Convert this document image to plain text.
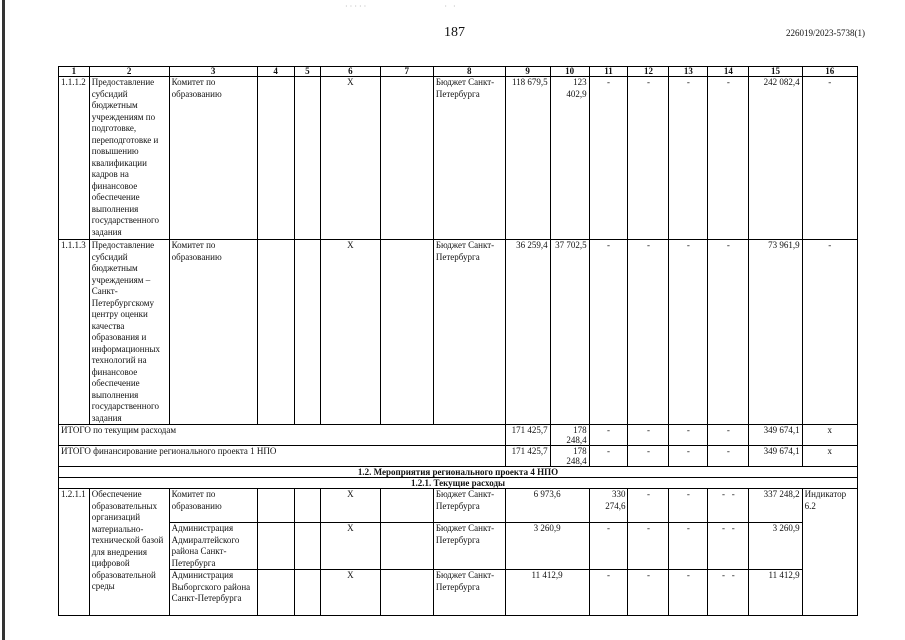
·····                   · ·
187	226019/2023-5738(1)
1	2	3	4	5	6	7	8	9	10	11	12	13	14	15	16
1.1.1.2	Предоставление субсидий бюджетным учреждениям по подготовке, переподготовке и повышению квалификации кадров на финансовое обеспечение выполнения государственного задания	Комитет по образованию			X		Бюджет Санкт-Петербурга	118 679,5	123 402,9	-	-	-	-	242 082,4	-
1.1.1.3	Предоставление субсидий бюджетным учреждениям – Санкт-Петербургскому центру оценки качества образования и информационных технологий на финансовое обеспечение выполнения государственного задания	Комитет по образованию			X		Бюджет Санкт-Петербурга	36 259,4	37 702,5	-	-	-	-	73 961,9	-
ИТОГО по текущим расходам								171 425,7	178 248,4	-	-	-	-	349 674,1	х
ИТОГО финансирование регионального проекта 1 НПО								171 425,7	178 248,4	-	-	-	-	349 674,1	х
1.2. Мероприятия регионального проекта 4 НПО															
1.2.1. Текущие расходы															
1.2.1.1	Обеспечение образовательных организаций материально-технической базой для внедрения цифровой образовательной среды	Комитет по образованию			X		Бюджет Санкт-Петербурга	6 973,6		330 274,6	-	-	- -	337 248,2	Индикатор 6.2
		Администрация Адмиралтейского района Санкт-Петербурга			X		Бюджет Санкт-Петербурга	3 260,9		-	-	-	- -	3 260,9	
		Администрация Выборгского района Санкт-Петербурга			X		Бюджет Санкт-Петербурга	11 412,9		-	-	-	- -	11 412,9	
